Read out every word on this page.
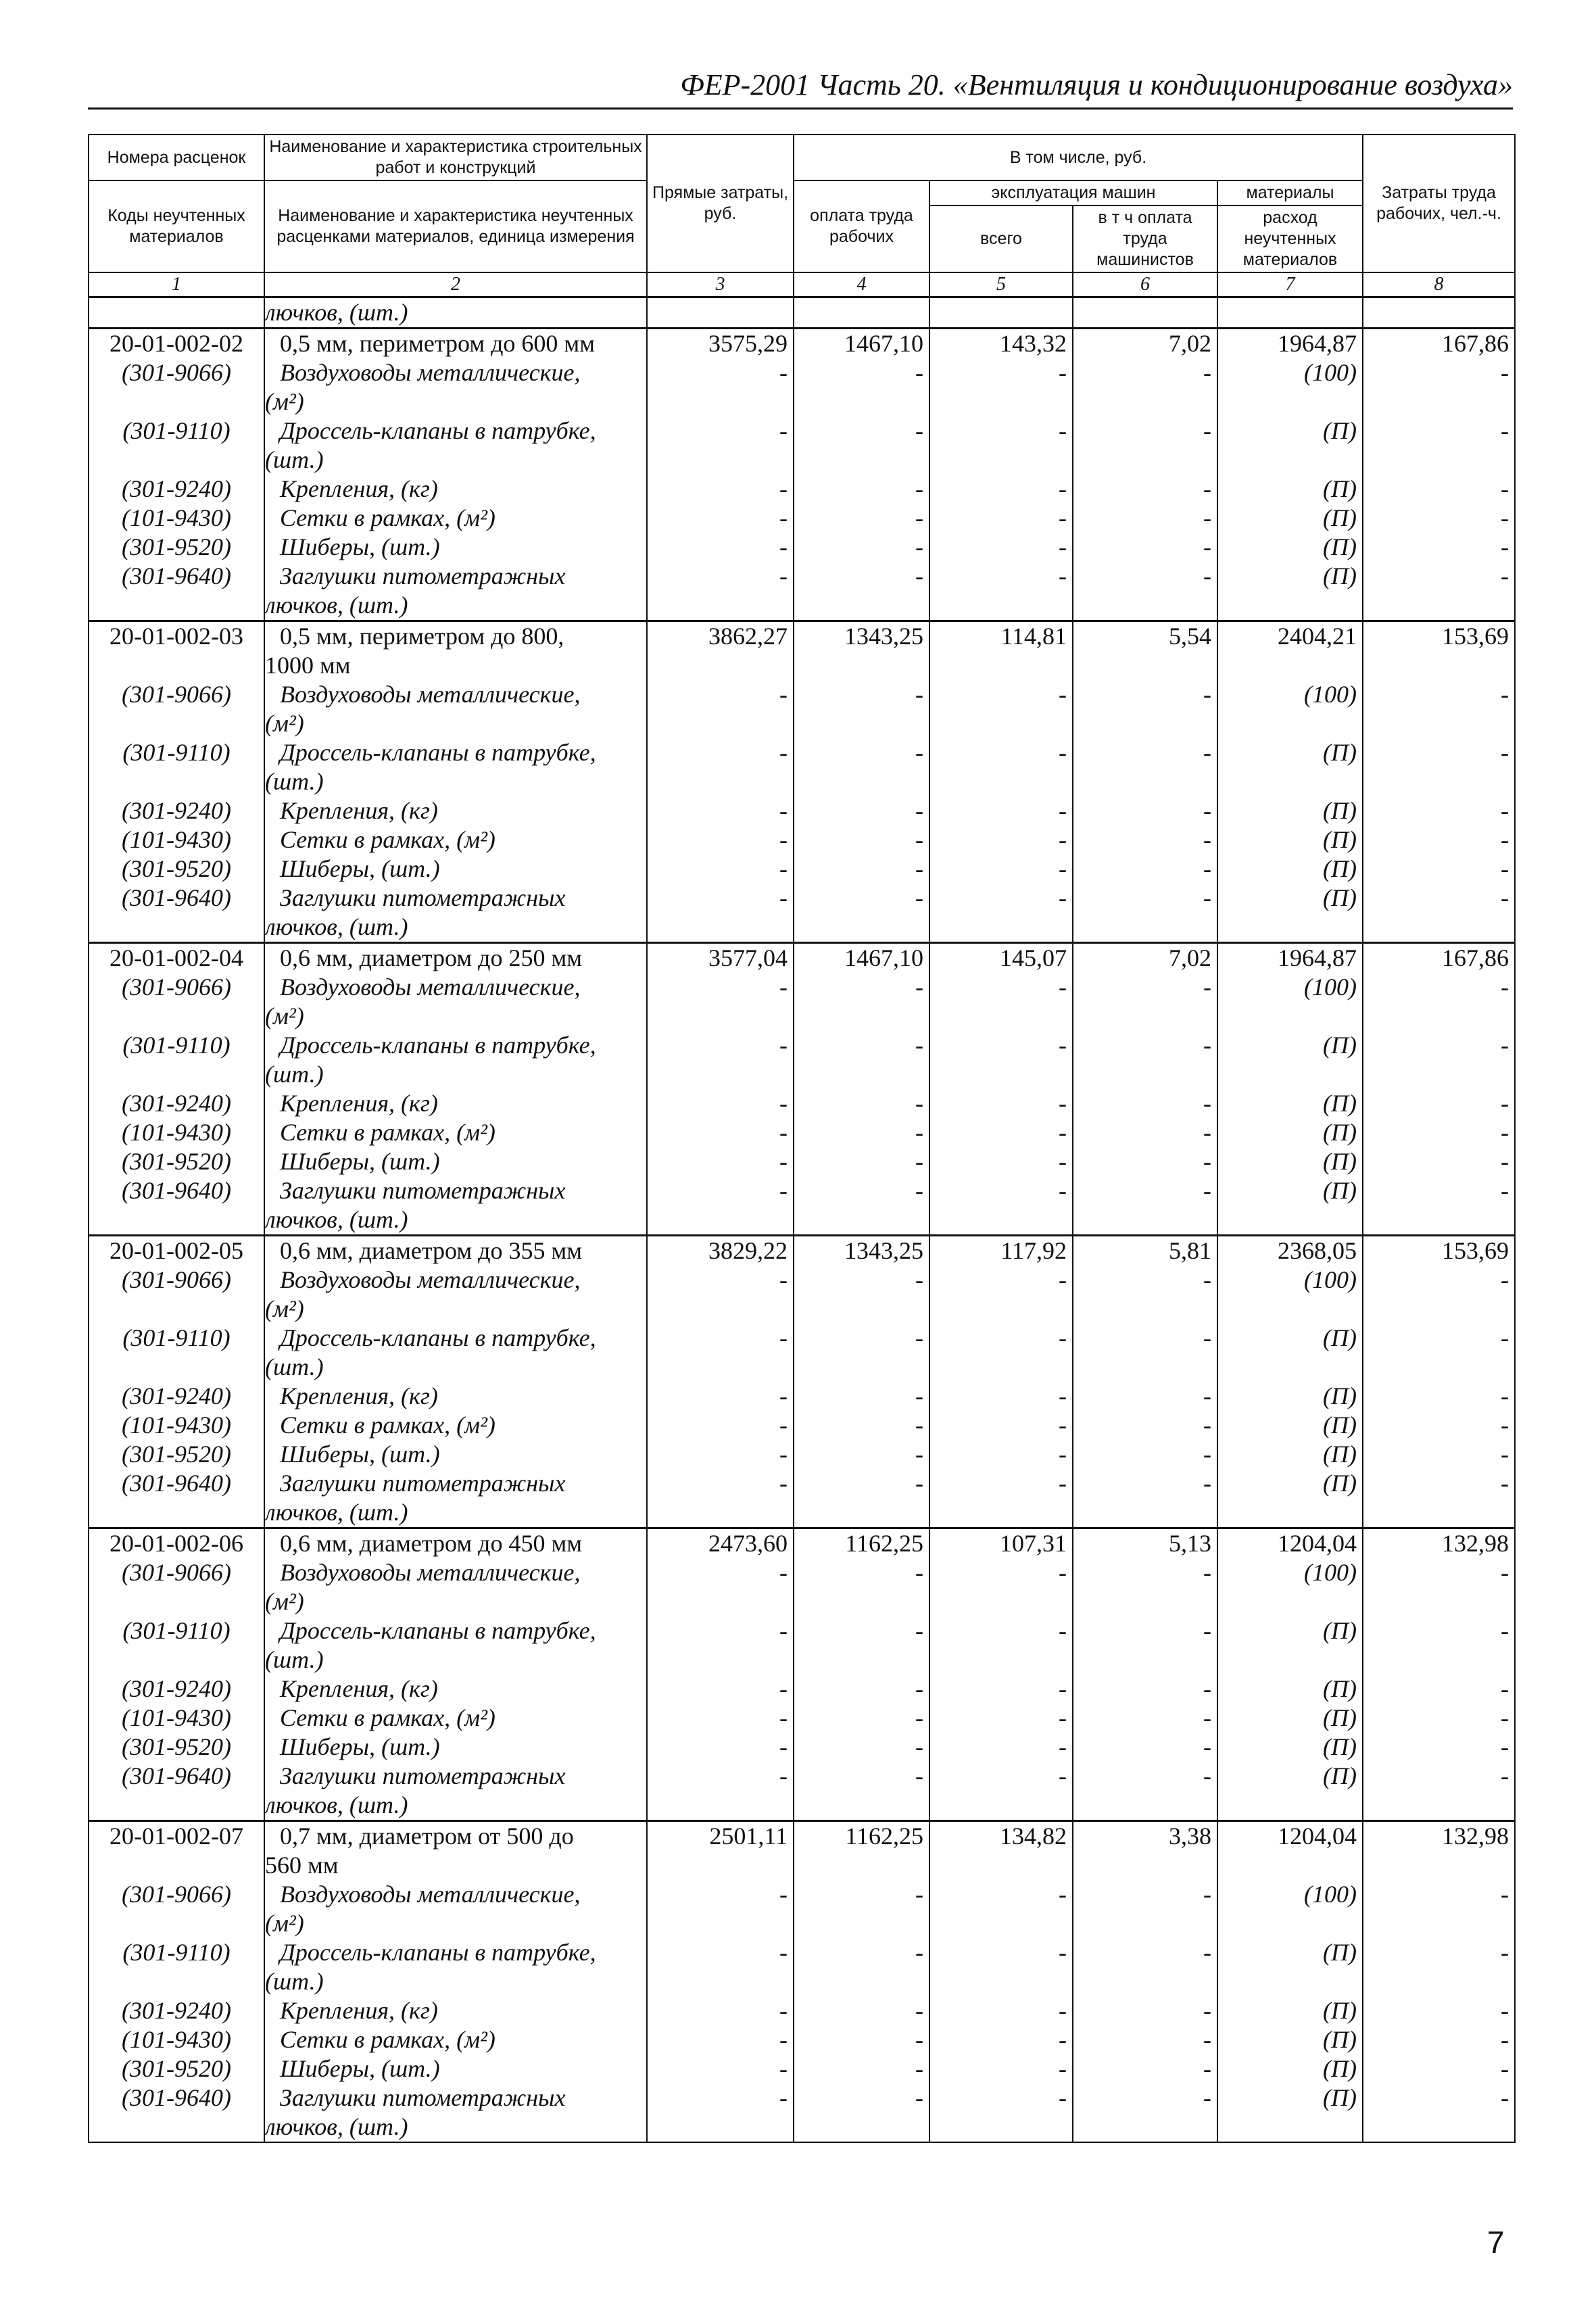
ФЕР-2001 Часть 20. «Вентиляция и кондиционирование воздуха»
Номера расценок	Наименование и характеристика строительных работ и конструкций	Прямые затраты, руб.	В том числе, руб.				Затраты труда рабочих, чел.-ч.
Коды неучтенных материалов	Наименование и характеристика неучтенных расценками материалов, единица измерения		оплата труда рабочих	эксплуатация машин		материалы	
				всего	в т ч оплата труда машинистов	расход неучтенных материалов	

1	2	3	4	5	6	7	8

	лючков, (шт.)						

20-01-002-02	0,5 мм, периметром до 600 мм	3575,29	1467,10	143,32	7,02	1964,87	167,86
(301-9066)	Воздуховоды металлические,
(м²)	-	-	-	-	(100)	-
(301-9110)	Дроссель-клапаны в патрубке,
(шт.)	-	-	-	-	(П)	-
(301-9240)	Крепления, (кг)	-	-	-	-	(П)	-
(101-9430)	Сетки в рамках, (м²)	-	-	-	-	(П)	-
(301-9520)	Шиберы, (шт.)	-	-	-	-	(П)	-
(301-9640)	Заглушки питометражных
лючков, (шт.)	-	-	-	-	(П)	-
20-01-002-03	0,5 мм, периметром до 800,
1000 мм	3862,27	1343,25	114,81	5,54	2404,21	153,69
(301-9066)	Воздуховоды металлические,
(м²)	-	-	-	-	(100)	-
(301-9110)	Дроссель-клапаны в патрубке,
(шт.)	-	-	-	-	(П)	-
(301-9240)	Крепления, (кг)	-	-	-	-	(П)	-
(101-9430)	Сетки в рамках, (м²)	-	-	-	-	(П)	-
(301-9520)	Шиберы, (шт.)	-	-	-	-	(П)	-
(301-9640)	Заглушки питометражных
лючков, (шт.)	-	-	-	-	(П)	-
20-01-002-04	0,6 мм, диаметром до 250 мм	3577,04	1467,10	145,07	7,02	1964,87	167,86
(301-9066)	Воздуховоды металлические,
(м²)	-	-	-	-	(100)	-
(301-9110)	Дроссель-клапаны в патрубке,
(шт.)	-	-	-	-	(П)	-
(301-9240)	Крепления, (кг)	-	-	-	-	(П)	-
(101-9430)	Сетки в рамках, (м²)	-	-	-	-	(П)	-
(301-9520)	Шиберы, (шт.)	-	-	-	-	(П)	-
(301-9640)	Заглушки питометражных
лючков, (шт.)	-	-	-	-	(П)	-
20-01-002-05	0,6 мм, диаметром до 355 мм	3829,22	1343,25	117,92	5,81	2368,05	153,69
(301-9066)	Воздуховоды металлические,
(м²)	-	-	-	-	(100)	-
(301-9110)	Дроссель-клапаны в патрубке,
(шт.)	-	-	-	-	(П)	-
(301-9240)	Крепления, (кг)	-	-	-	-	(П)	-
(101-9430)	Сетки в рамках, (м²)	-	-	-	-	(П)	-
(301-9520)	Шиберы, (шт.)	-	-	-	-	(П)	-
(301-9640)	Заглушки питометражных
лючков, (шт.)	-	-	-	-	(П)	-
20-01-002-06	0,6 мм, диаметром до 450 мм	2473,60	1162,25	107,31	5,13	1204,04	132,98
(301-9066)	Воздуховоды металлические,
(м²)	-	-	-	-	(100)	-
(301-9110)	Дроссель-клапаны в патрубке,
(шт.)	-	-	-	-	(П)	-
(301-9240)	Крепления, (кг)	-	-	-	-	(П)	-
(101-9430)	Сетки в рамках, (м²)	-	-	-	-	(П)	-
(301-9520)	Шиберы, (шт.)	-	-	-	-	(П)	-
(301-9640)	Заглушки питометражных
лючков, (шт.)	-	-	-	-	(П)	-
20-01-002-07	0,7 мм, диаметром от 500 до
560 мм	2501,11	1162,25	134,82	3,38	1204,04	132,98
(301-9066)	Воздуховоды металлические,
(м²)	-	-	-	-	(100)	-
(301-9110)	Дроссель-клапаны в патрубке,
(шт.)	-	-	-	-	(П)	-
(301-9240)	Крепления, (кг)	-	-	-	-	(П)	-
(101-9430)	Сетки в рамках, (м²)	-	-	-	-	(П)	-
(301-9520)	Шиберы, (шт.)	-	-	-	-	(П)	-
(301-9640)	Заглушки питометражных
лючков, (шт.)	-	-	-	-	(П)	-
7
